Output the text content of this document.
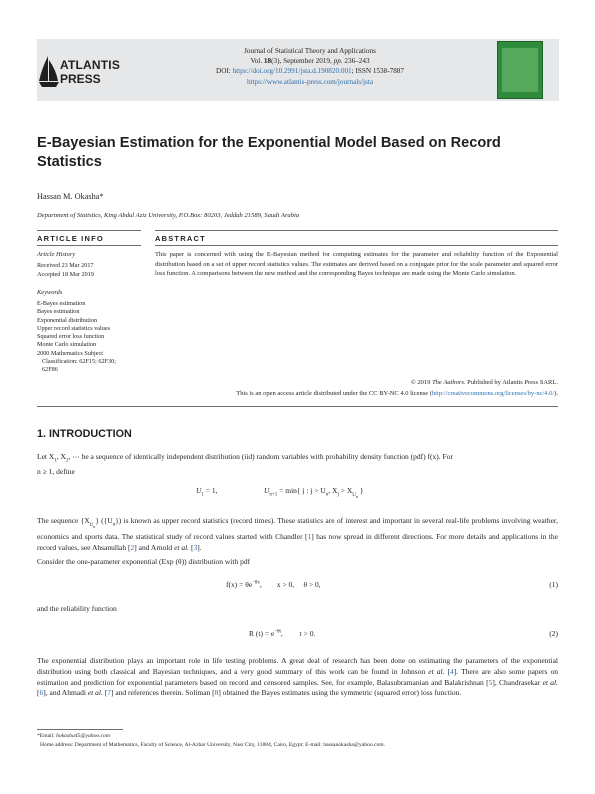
ATLANTIS
PRESS
Journal of Statistical Theory and Applications
Vol. 18(3), September 2019, pp. 236–243
DOI: https://doi.org/10.2991/jsta.d.190820.001; ISSN 1538-7887
https://www.atlantis-press.com/journals/jsta
E-Bayesian Estimation for the Exponential Model Based on Record Statistics
Hassan M. Okasha*
Department of Statistics, King Abdul Aziz University, P.O.Box: 80203, Jeddah 21589, Saudi Arabia
ARTICLE INFO
Article History
Received 23 Mar 2017
Accepted 18 Mar 2019
Keywords
E-Bayes estimation
Bayes estimation
Exponential distribution
Upper record statistics values
Squared error loss function
Monte Carlo simulation
2000 Mathematics Subject
Classification: 62F15; 62F30;
62F86
ABSTRACT
This paper is concerned with using the E-Bayesian method for computing estimates for the parameter and reliability function of the Exponential distribution based on a set of upper record statistics values. The estimates are derived based on a conjugate prior for the scale parameter and squared error loss function. A comparisons between the new method and the corresponding Bayes technique are made using the Monte Carlo simulation.
© 2019 The Authors. Published by Atlantis Press SARL.
This is an open access article distributed under the CC BY-NC 4.0 license (http://creativecommons.org/licenses/by-nc/4.0/).
1. INTRODUCTION
Let $X_1$, $X_2$, ⋯ be a sequence of identically independent distribution (iid) random variables with probability density function (pdf) f(x). For
n ≥ 1, define
$U_1 = 1$,	$U_{n+1} = \min${ j : $j > U_n$, $X_j > X_{U_n}$ }
The sequence $\{X_{U_n}\}$ $(\{U_n\})$ is known as upper record statistics (record times). These statistics are of interest and important in several real-life problems involving weather, economics and sports data. The statistical study of record values started with Chandler [1] has now spread in different directions. For more details and applications in the record values, see Ahsanullah [2] and Arnold et al. [3].
Consider the one-parameter exponential (Exp (θ)) distribution with pdf
$f(x) = \theta e^{-\theta x}$,        x > 0,     θ > 0,	(1)
and the reliability function
R $(t) = e^{-\theta t}$,         t > 0.	(2)
The exponential distribution plays an important role in life testing problems. A great deal of research has been done on estimating the parameters of the exponential distribution using both classical and Bayesian techniques, and a very good summary of this work can be found in Johnson et al. [4]. There are also some papers on estimation and prediction for exponential parameters based on record and censored samples. See, for example, Balasubramanian and Balakrishnan [5], Chandrasekar et al. [6], and Ahmadi et al. [7] and references therein. Soliman [8] obtained the Bayes estimates using the symmetric (squared error) loss function.
*Email: hokasha45@yahoo.com
Home address: Department of Mathematics, Faculty of Science, Al-Azhar University, Nasr City, 11884, Cairo, Egypt; E-mail: hassanokasha@yahoo.com.
